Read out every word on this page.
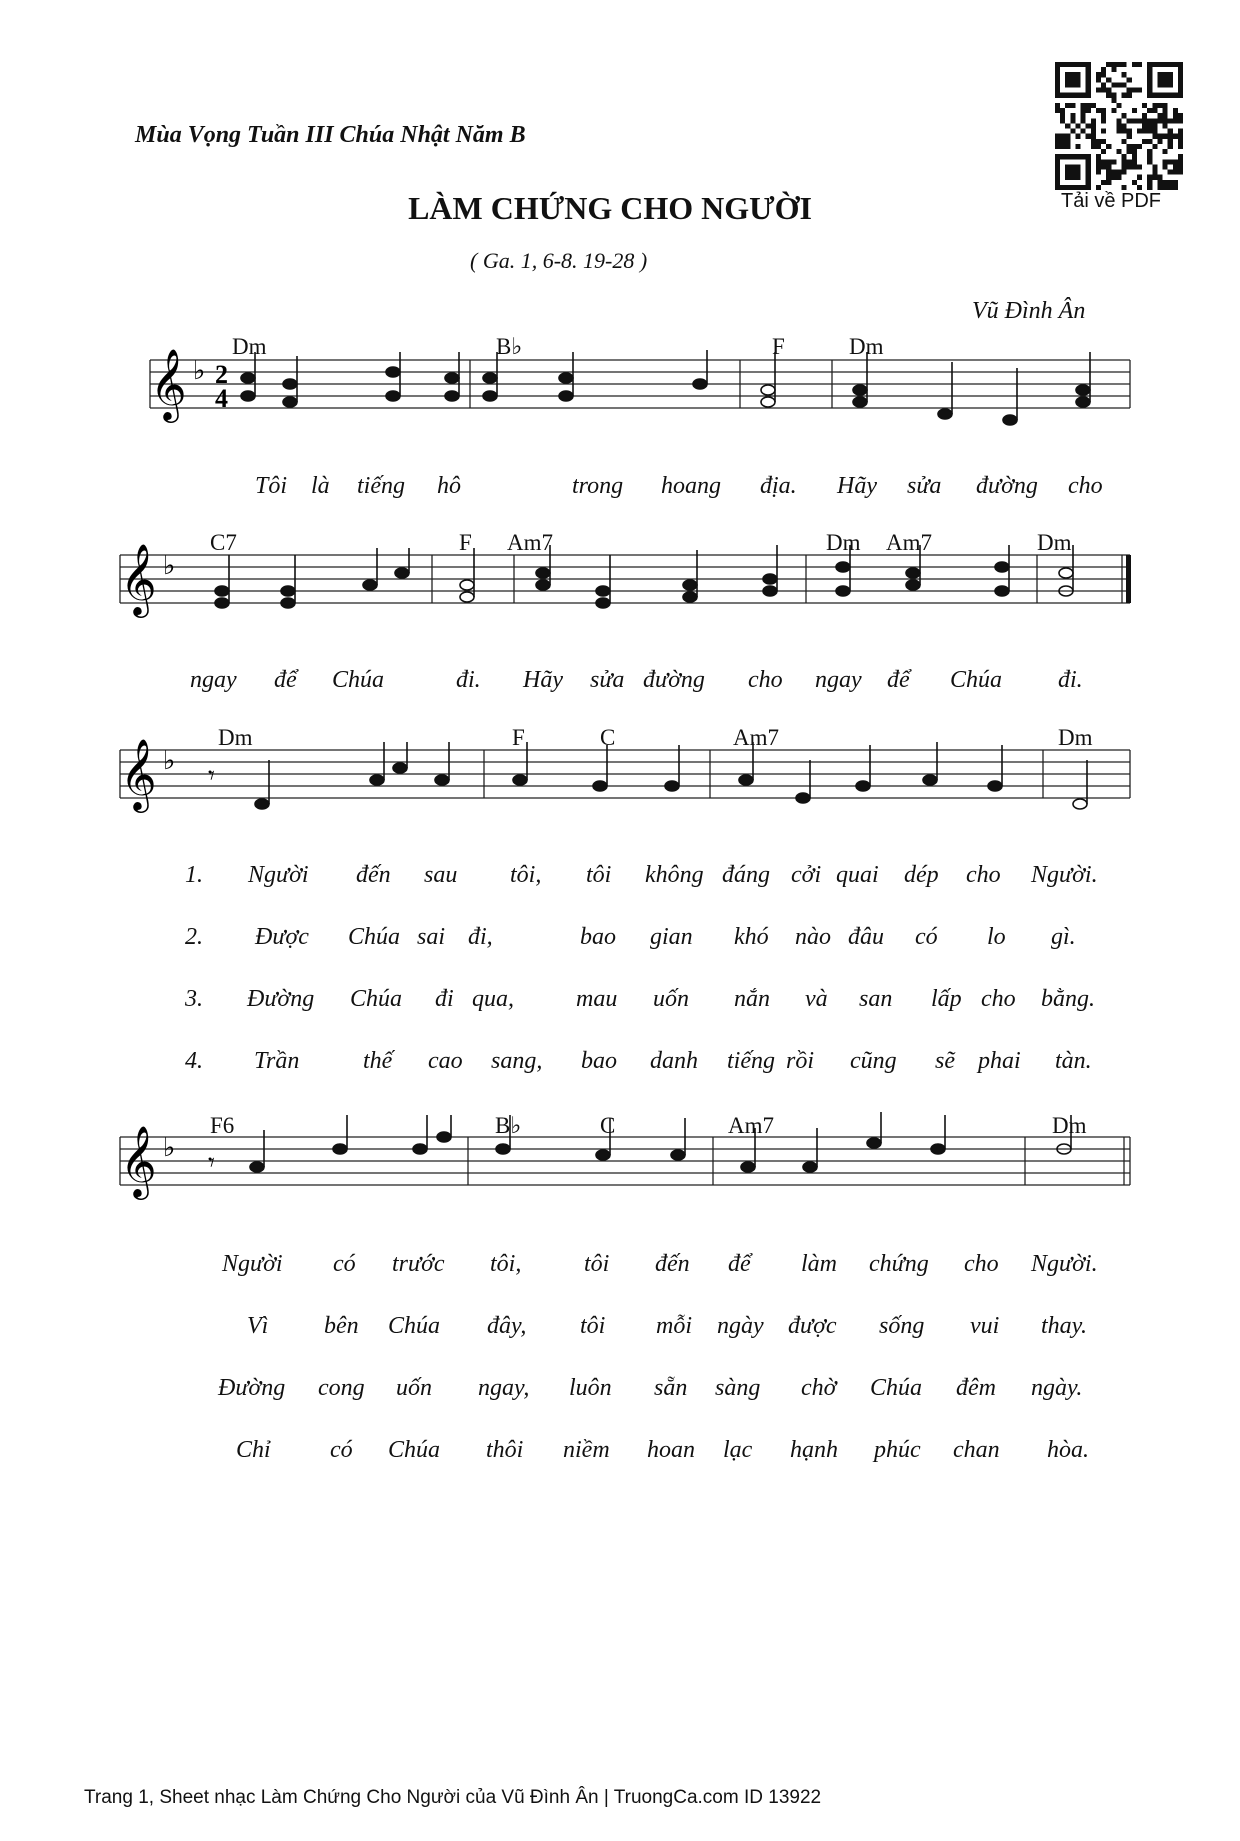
Mùa Vọng Tuần III Chúa Nhật Năm B
LÀM CHỨNG CHO NGƯỜI
( Ga. 1, 6-8. 19-28 )
Vũ Đình Ân
Tải về PDF
𝄞 ♭ 2
4
Dm	B♭	F	Dm
Tôi là tiếng hô	trong hoang địa. Hãy sửa đường cho
𝄞 ♭
C7	F Am7	Dm Am7	Dm
ngay để Chúa	đi. Hãy sửa đường cho ngay để Chúa đi.
𝄞 ♭ 𝄾
Dm	F	C	Am7	Dm
1. Người đến sau tôi, tôi không đáng cởi quai dép cho Người.
2. Được Chúa sai đi,	bao gian khó nào đâu có lo gì.
3. Đường Chúa đi qua,	mau uốn nắn và san lấp cho bằng.
4. Trần	thế cao sang, bao danh tiếng rồi cũng sẽ phai tàn.
𝄞 ♭ 𝄾
F6	B♭	C	Am7	Dm
Người có trước tôi,	tôi đến để làm chứng cho Người.
Vì bên Chúa đây, tôi mỗi ngày được sống vui thay.
Đường cong uốn ngay, luôn sẵn sàng chờ Chúa đêm ngày.
Chỉ có Chúa thôi niềm hoan lạc hạnh phúc chan hòa.
Trang 1, Sheet nhạc Làm Chứng Cho Người của Vũ Đình Ân | TruongCa.com ID 13922
